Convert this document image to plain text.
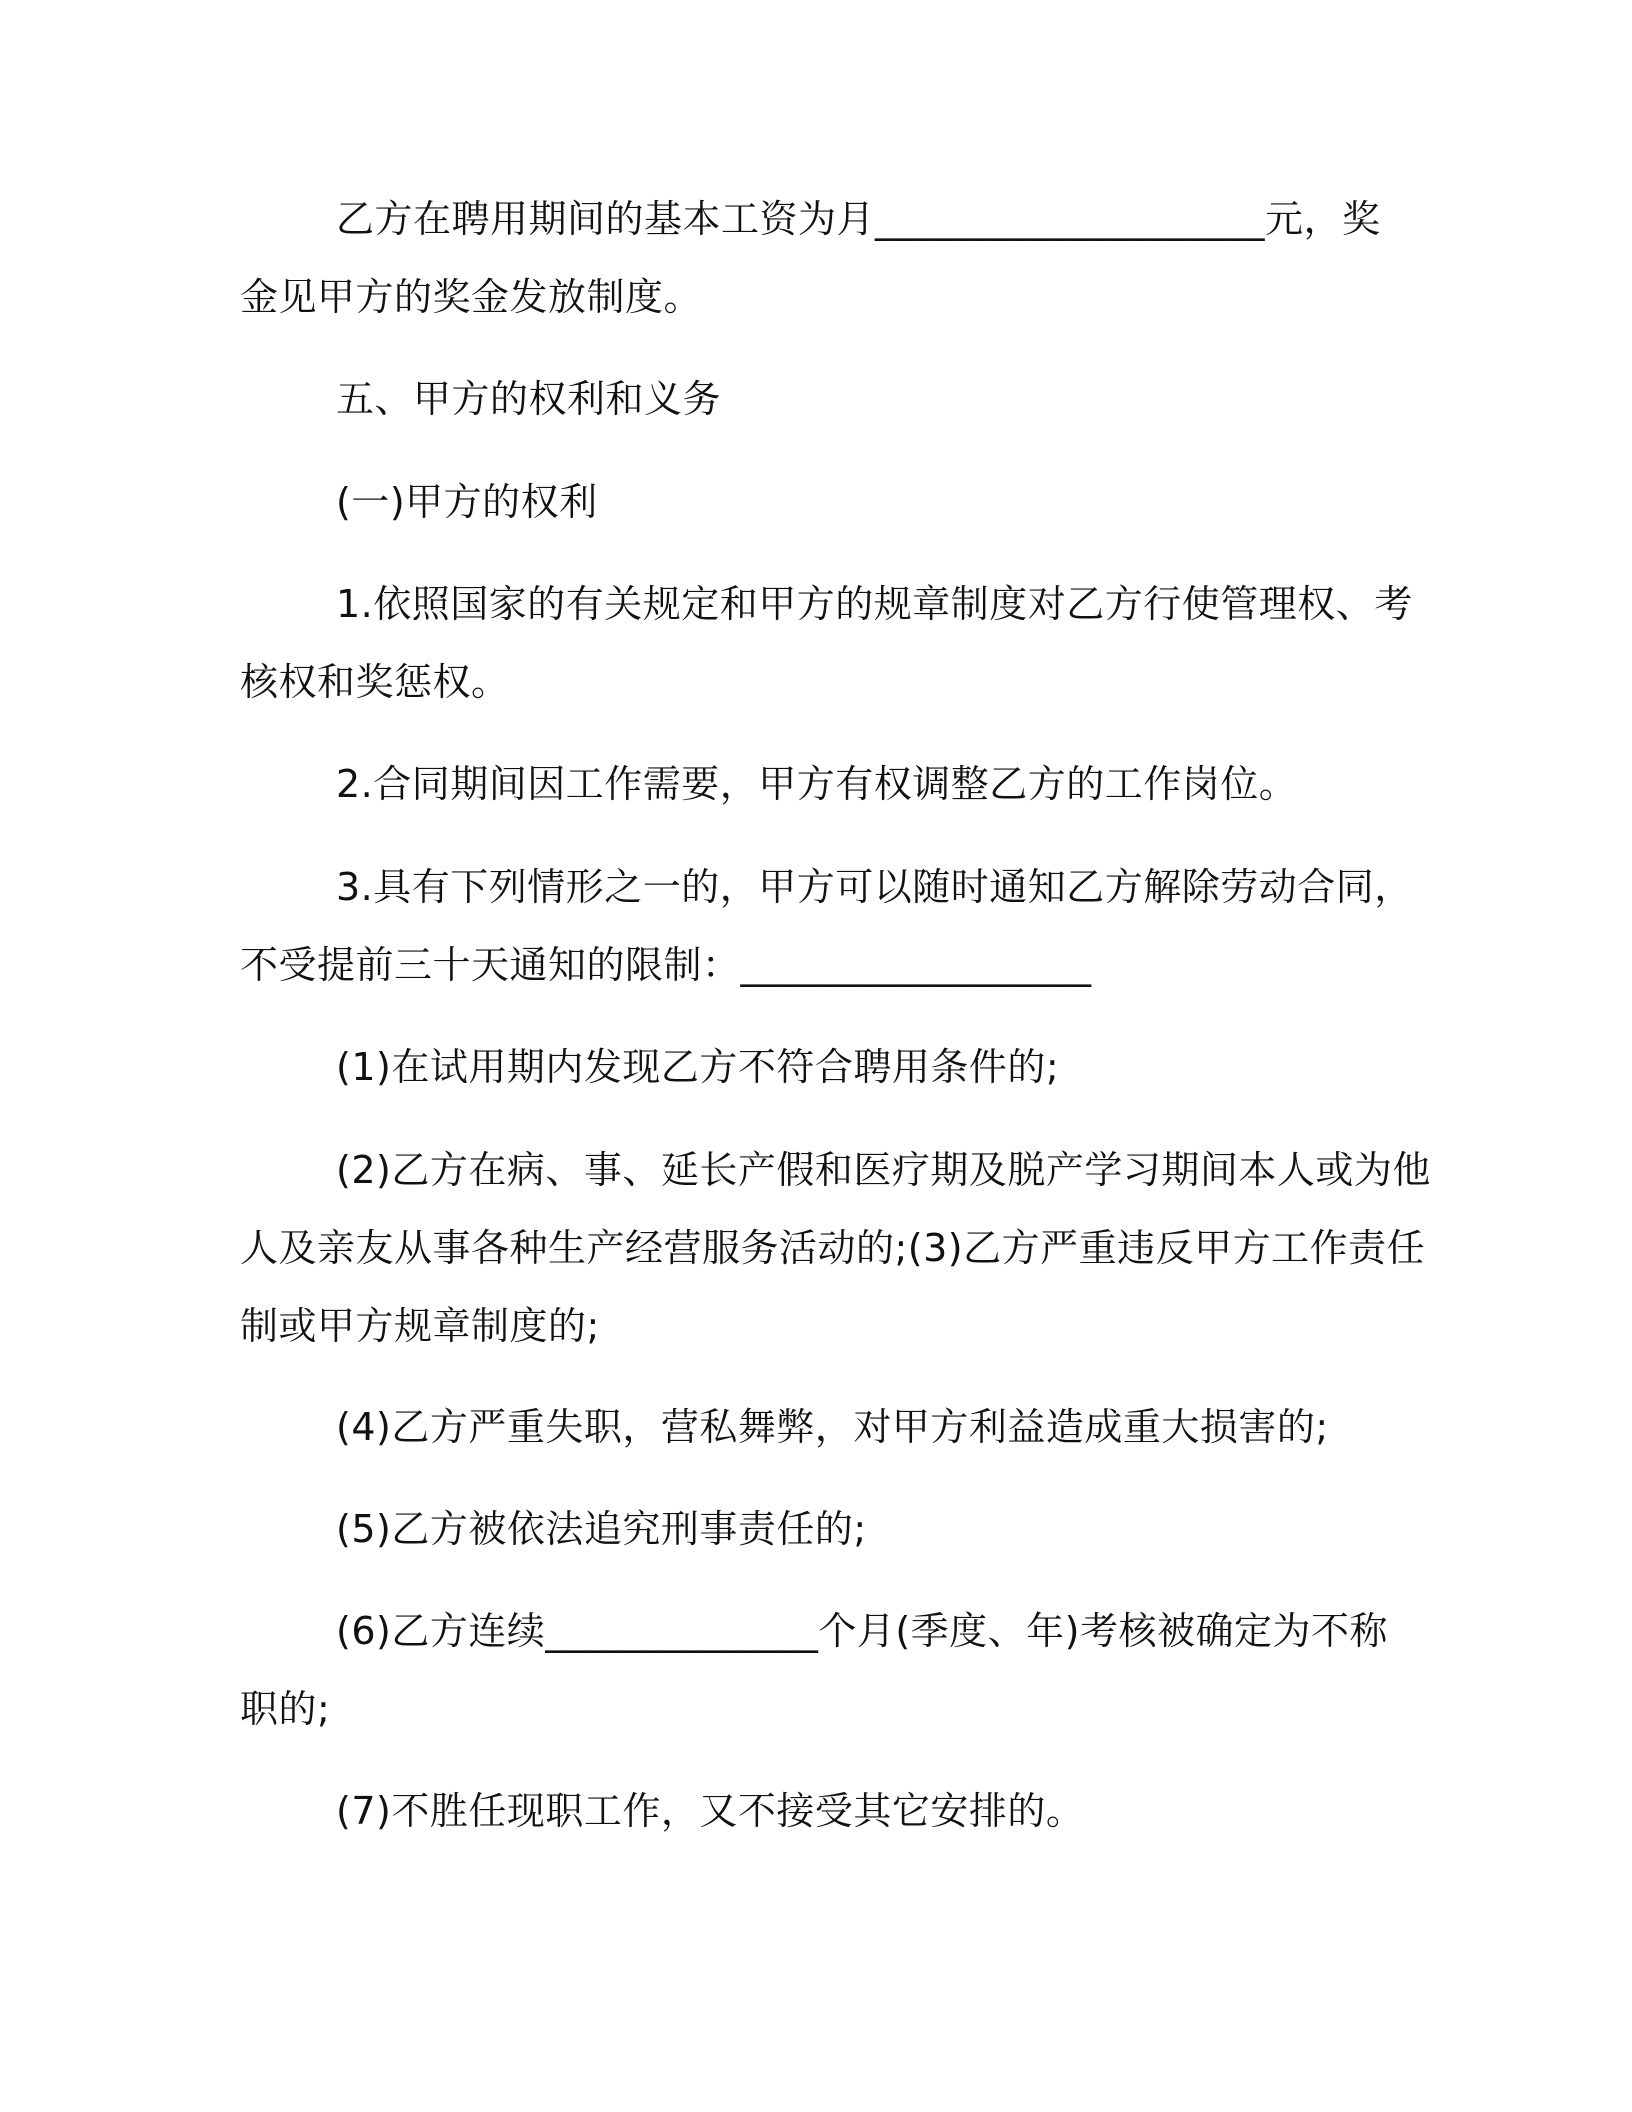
乙方在聘用期间的基本工资为月____________________元，奖
金见甲方的奖金发放制度。

五、甲方的权利和义务

(一)甲方的权利

1.依照国家的有关规定和甲方的规章制度对乙方行使管理权、考
核权和奖惩权。

2.合同期间因工作需要，甲方有权调整乙方的工作岗位。

3.具有下列情形之一的，甲方可以随时通知乙方解除劳动合同，
不受提前三十天通知的限制：__________________

(1)在试用期内发现乙方不符合聘用条件的;

(2)乙方在病、事、延长产假和医疗期及脱产学习期间本人或为他
人及亲友从事各种生产经营服务活动的;(3)乙方严重违反甲方工作责任
制或甲方规章制度的;

(4)乙方严重失职，营私舞弊，对甲方利益造成重大损害的;

(5)乙方被依法追究刑事责任的;

(6)乙方连续______________个月(季度、年)考核被确定为不称
职的;

(7)不胜任现职工作，又不接受其它安排的。
